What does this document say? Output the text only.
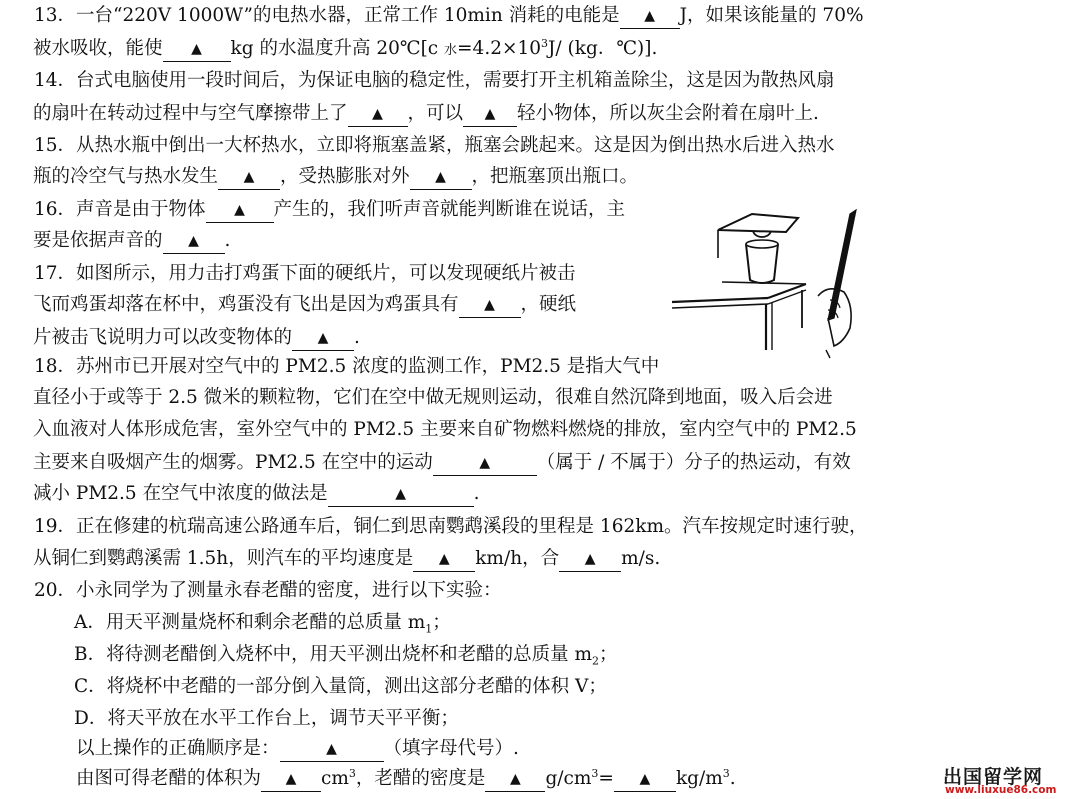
13．一台“220V 1000W”的电热水器，正常工作 10min 消耗的电能是 ▲ J，如果该能量的 70%
被水吸收，能使 ▲ kg 的水温度升高 20℃[c 水$=4.2\times 10^3J/$ (kg．℃)].
14．台式电脑使用一段时间后，为保证电脑的稳定性，需要打开主机箱盖除尘，这是因为散热风扇
的扇叶在转动过程中与空气摩擦带上了 ▲ ，可以 ▲ 轻小物体，所以灰尘会附着在扇叶上.
15．从热水瓶中倒出一大杯热水，立即将瓶塞盖紧，瓶塞会跳起来。这是因为倒出热水后进入热水
瓶的冷空气与热水发生 ▲ ，受热膨胀对外 ▲ ，把瓶塞顶出瓶口。
16．声音是由于物体 ▲ 产生的，我们听声音就能判断谁在说话，主
要是依据声音的 ▲ .
17．如图所示，用力击打鸡蛋下面的硬纸片，可以发现硬纸片被击
飞而鸡蛋却落在杯中，鸡蛋没有飞出是因为鸡蛋具有 ▲ ，硬纸
片被击飞说明力可以改变物体的 ▲ .
18．苏州市已开展对空气中的 PM2.5 浓度的监测工作，PM2.5 是指大气中
直径小于或等于 2.5 微米的颗粒物，它们在空中做无规则运动，很难自然沉降到地面，吸入后会进
入血液对人体形成危害，室外空气中的 PM2.5 主要来自矿物燃料燃烧的排放，室内空气中的 PM2.5
主要来自吸烟产生的烟雾。PM2.5 在空中的运动	▲	（属于 / 不属于）分子的热运动，有效
减小 PM2.5 在空气中浓度的做法是	▲	.
19．正在修建的杭瑞高速公路通车后，铜仁到思南鹦鹉溪段的里程是 162km。汽车按规定时速行驶，
从铜仁到鹦鹉溪需 1.5h，则汽车的平均速度是 ▲ km/h，合 ▲ m/s.
20．小永同学为了测量永春老醋的密度，进行以下实验：
A．用天平测量烧杯和剩余老醋的总质量 $m_1$；
B．将待测老醋倒入烧杯中，用天平测出烧杯和老醋的总质量 $m_2$；
C．将烧杯中老醋的一部分倒入量筒，测出这部分老醋的体积 V；
D．将天平放在水平工作台上，调节天平平衡；
以上操作的正确顺序是：	▲	（填字母代号）.
由图可得老醋的体积为 ▲ $cm^3$，老醋的密度是 ▲ $g/cm^3=$ ▲ $kg/m^3$.	出国留学网
www.liuxue86.com
